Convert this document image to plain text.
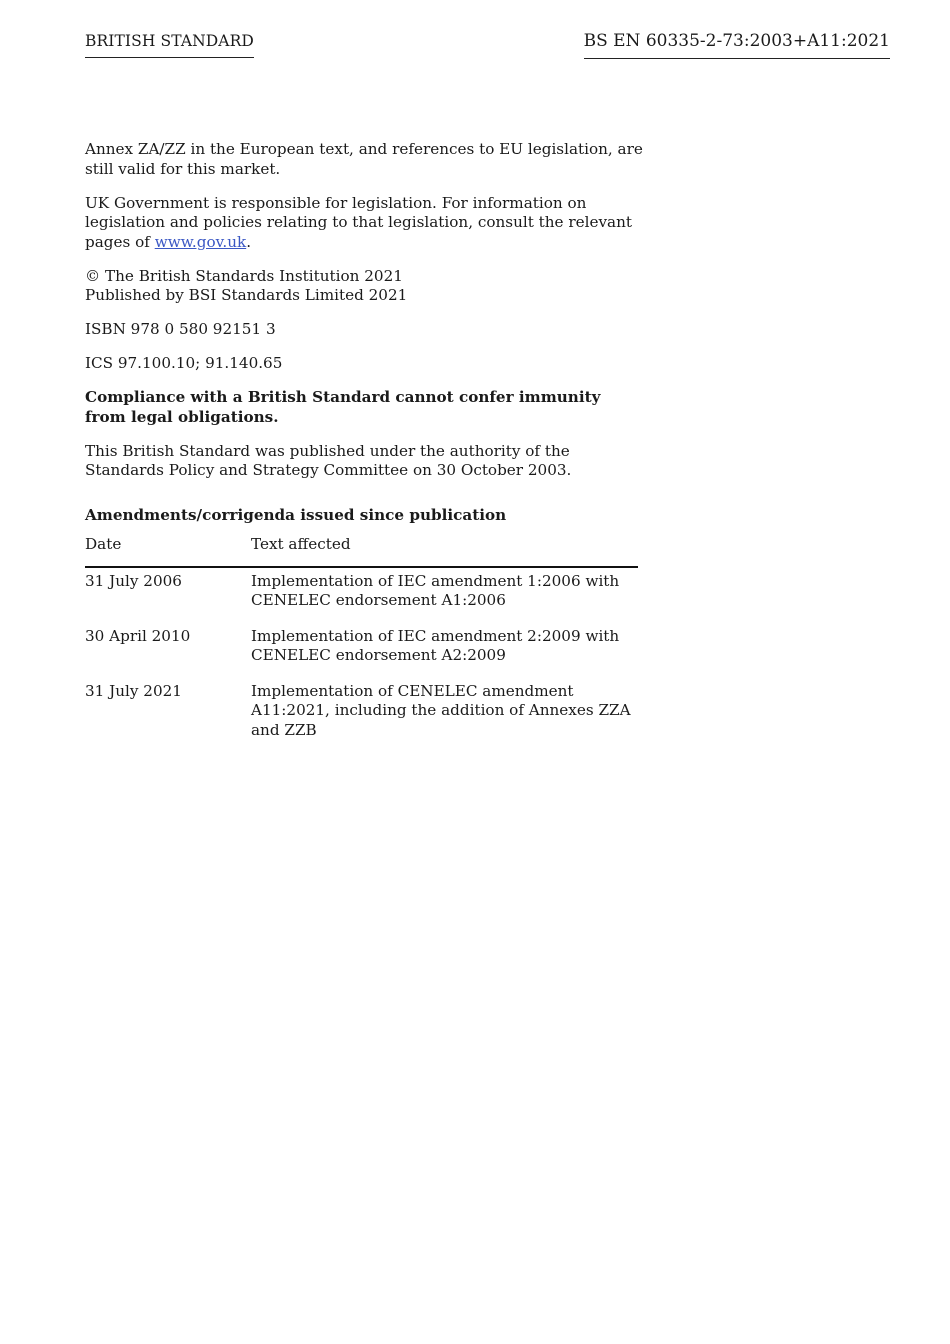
BRITISH STANDARD	BS EN 60335-2-73:2003+A11:2021

Annex ZA/ZZ in the European text, and references to EU legislation, are still valid for this market.

UK Government is responsible for legislation. For information on legislation and policies relating to that legislation, consult the relevant pages of www.gov.uk.

© The British Standards Institution 2021
Published by BSI Standards Limited 2021

ISBN 978 0 580 92151 3

ICS 97.100.10; 91.140.65

Compliance with a British Standard cannot confer immunity from legal obligations.

This British Standard was published under the authority of the Standards Policy and Strategy Committee on 30 October 2003.

Amendments/corrigenda issued since publication

Date	Text affected
31 July 2006	Implementation of IEC amendment 1:2006 with CENELEC endorsement A1:2006
30 April 2010	Implementation of IEC amendment 2:2009 with CENELEC endorsement A2:2009
31 July 2021	Implementation of CENELEC amendment A11:2021, including the addition of Annexes ZZA and ZZB
